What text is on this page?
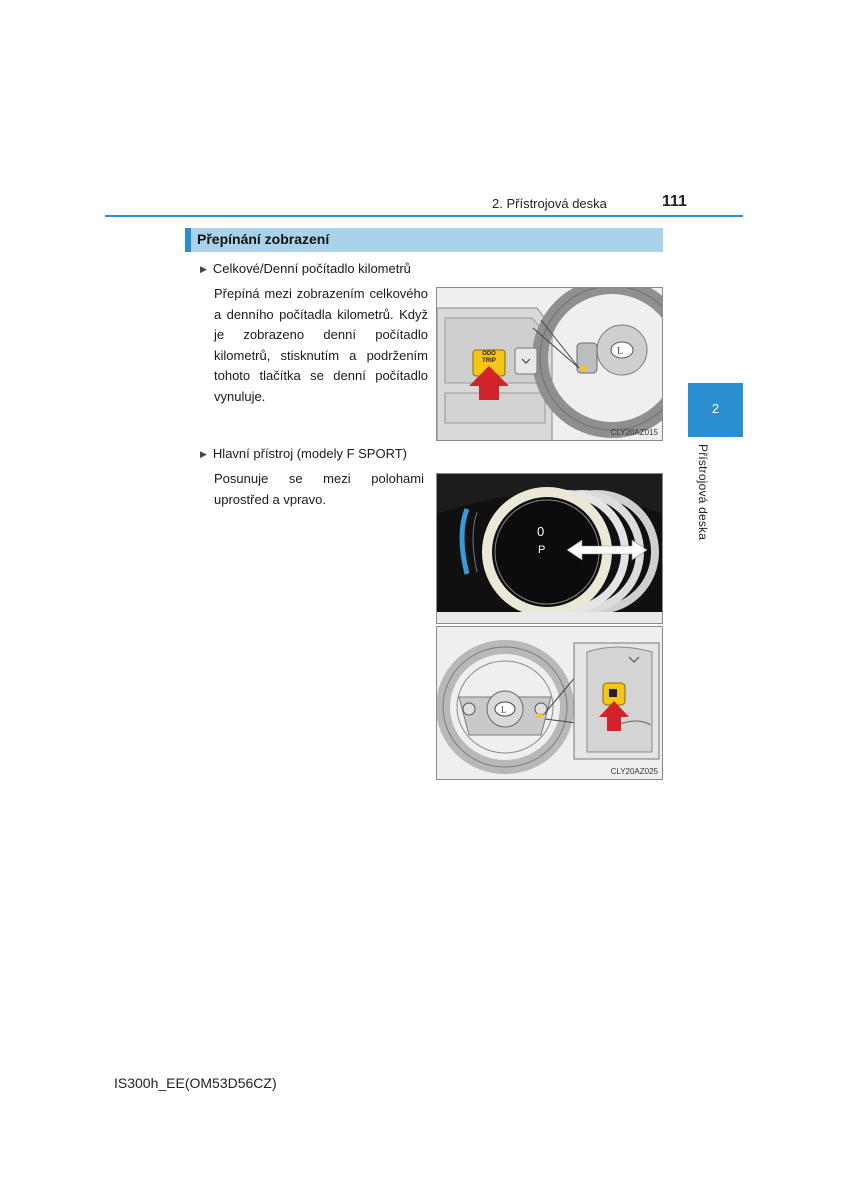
2. Přístrojová deska	111
2
Přístrojová deska
Přepínání zobrazení
▶ Celkové/Denní počítadlo kilometrů
Přepíná mezi zobrazením celkového a denního počítadla kilometrů. Když je zobrazeno denní počítadlo kilometrů, stisknutím a podržením tohoto tlačítka se denní počítadlo vynuluje.
L
ODO
TRIP
CLY20AZ015
▶ Hlavní přístroj (modely F SPORT)
Posunuje se mezi polohami uprostřed a vpravo.
0
P
L
CLY20AZ025
IS300h_EE(OM53D56CZ)
